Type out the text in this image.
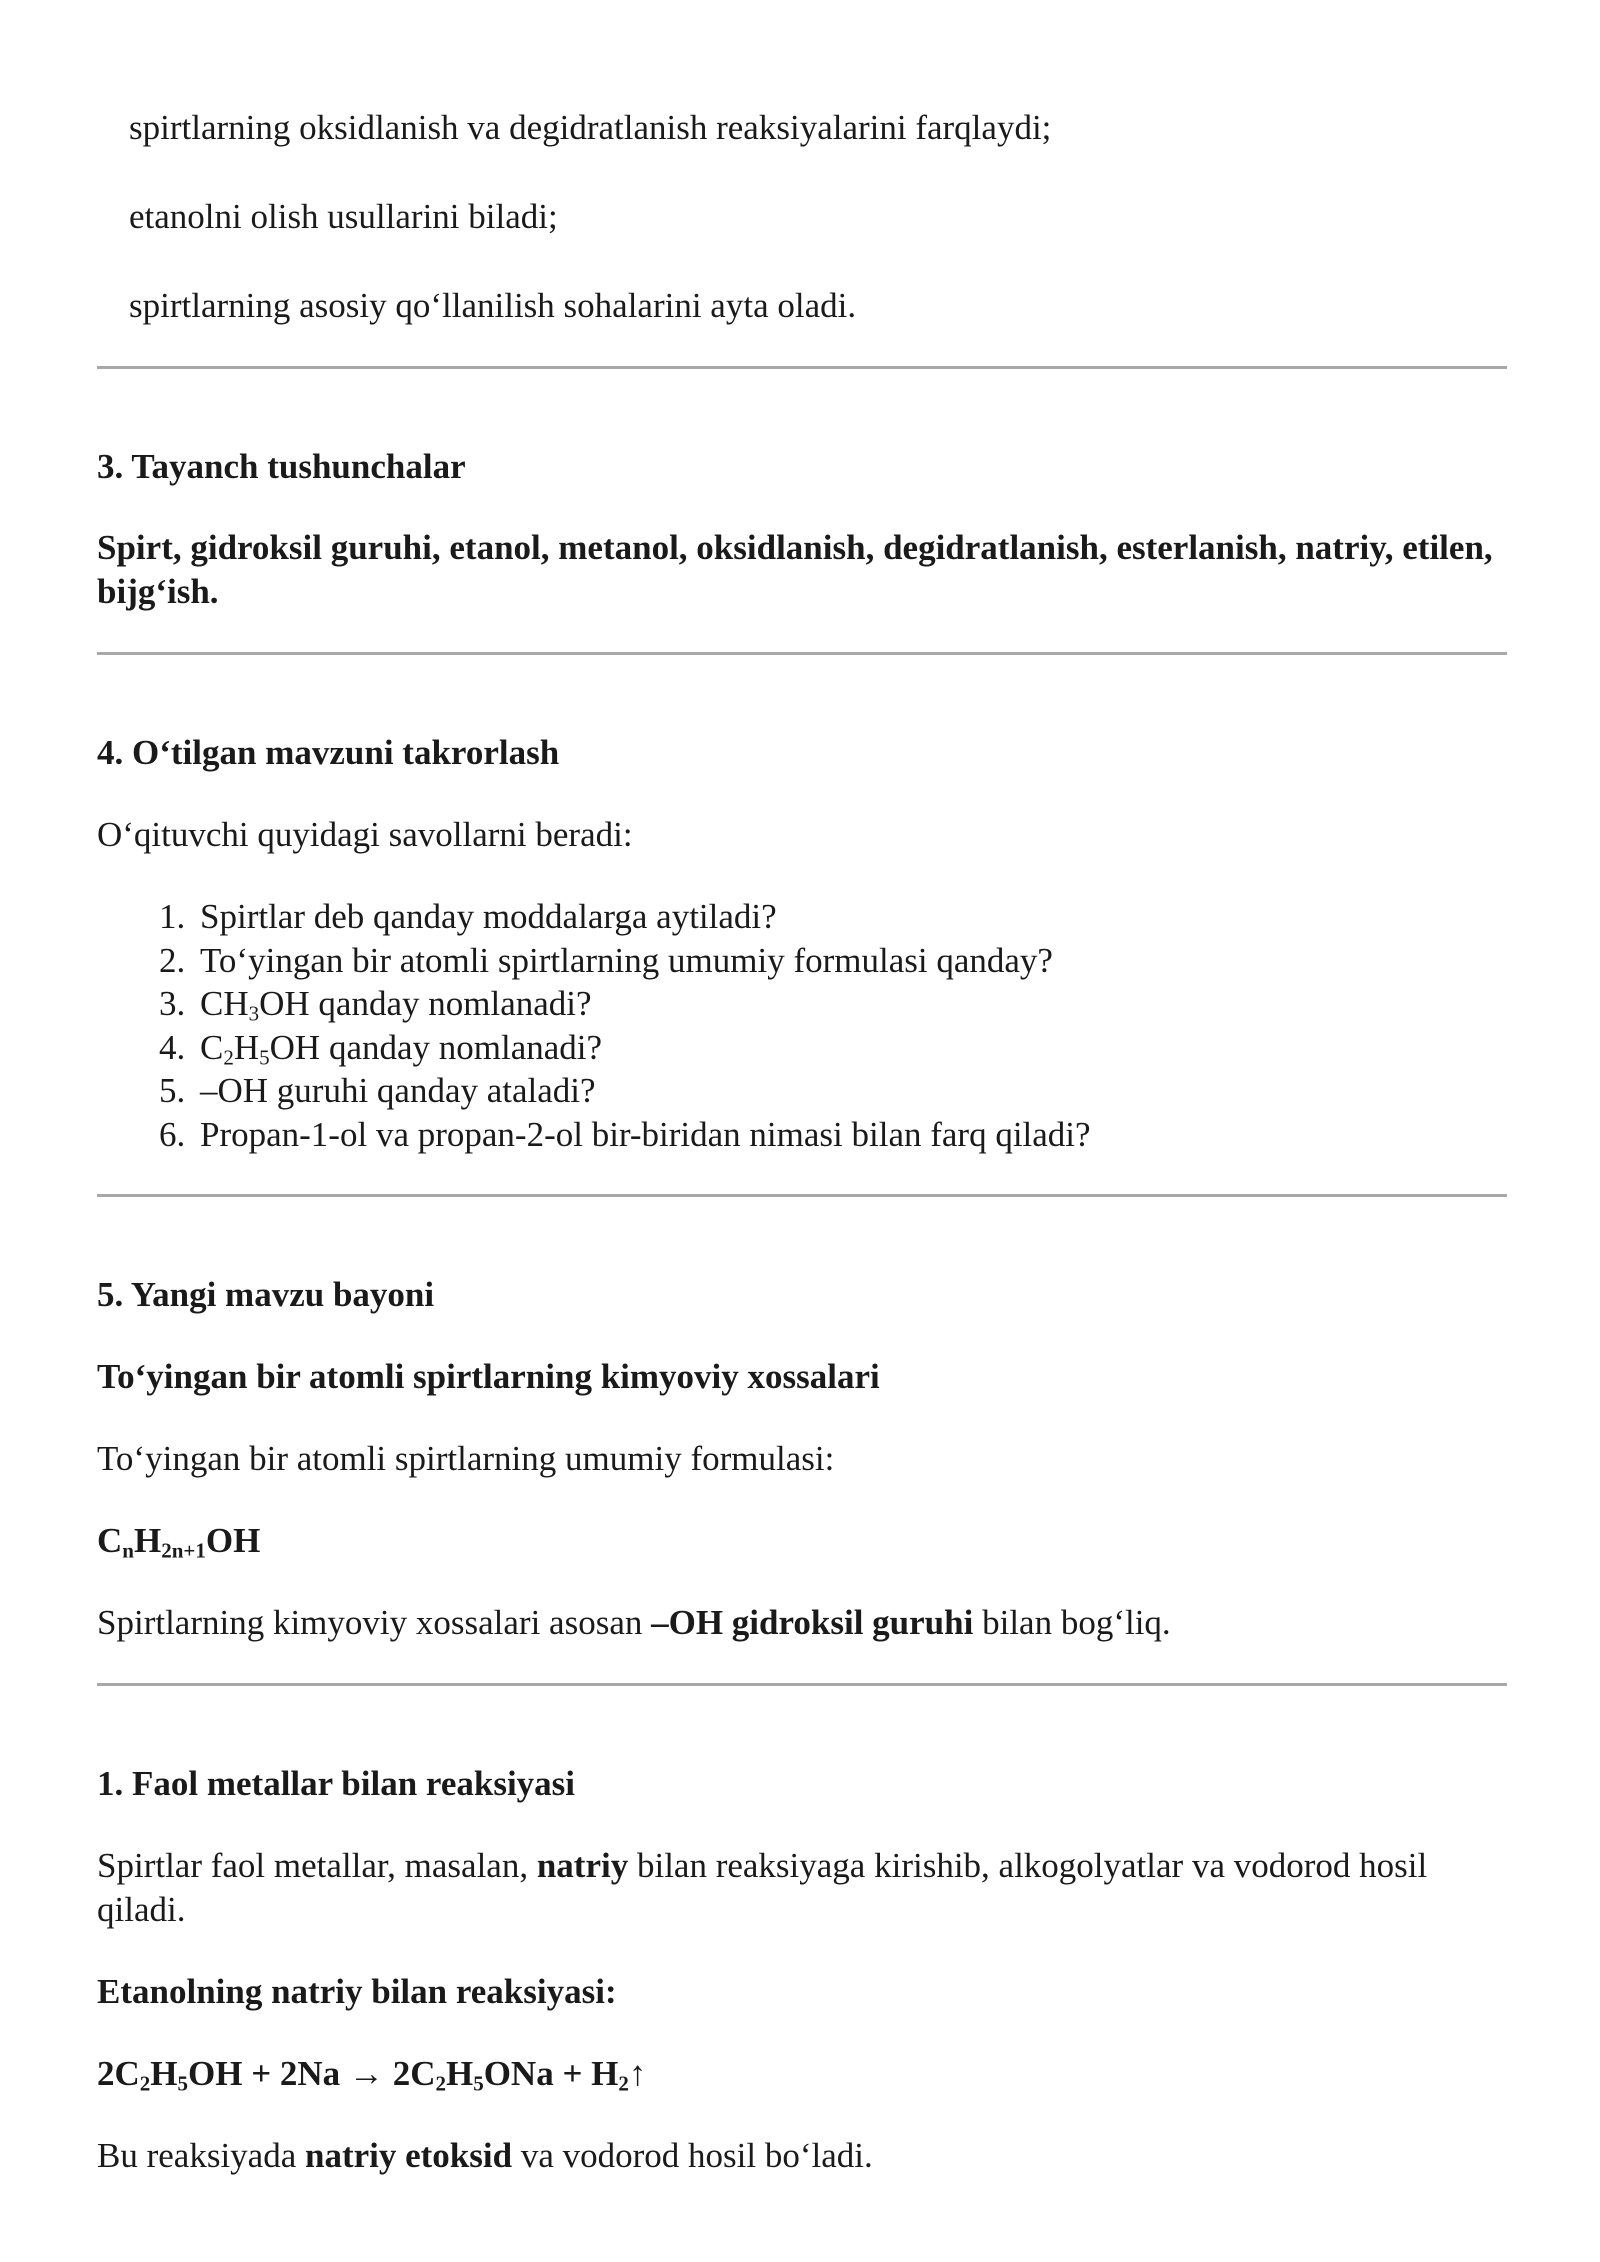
spirtlarning oksidlanish va degidratlanish reaksiyalarini farqlaydi;

etanolni olish usullarini biladi;

spirtlarning asosiy qo‘llanilish sohalarini ayta oladi.

3. Tayanch tushunchalar

Spirt, gidroksil guruhi, etanol, metanol, oksidlanish, degidratlanish, esterlanish, natriy, etilen, bijg‘ish.

4. O‘tilgan mavzuni takrorlash

O‘qituvchi quyidagi savollarni beradi:

1. Spirtlar deb qanday moddalarga aytiladi?
2. To‘yingan bir atomli spirtlarning umumiy formulasi qanday?
3. $CH_3OH$ qanday nomlanadi?
4. $C_2H_5OH$ qanday nomlanadi?
5. –OH guruhi qanday ataladi?
6. Propan-1-ol va propan-2-ol bir-biridan nimasi bilan farq qiladi?

5. Yangi mavzu bayoni

To‘yingan bir atomli spirtlarning kimyoviy xossalari

To‘yingan bir atomli spirtlarning umumiy formulasi:

$C_nH_{2n+1}OH$

Spirtlarning kimyoviy xossalari asosan –OH gidroksil guruhi bilan bog‘liq.

1. Faol metallar bilan reaksiyasi

Spirtlar faol metallar, masalan, natriy bilan reaksiyaga kirishib, alkogolyatlar va vodorod hosil qiladi.

Etanolning natriy bilan reaksiyasi:

$2C_2H_5OH + 2Na \to 2C_2H_5ONa$ + $H_2↑$

Bu reaksiyada natriy etoksid va vodorod hosil bo‘ladi.
